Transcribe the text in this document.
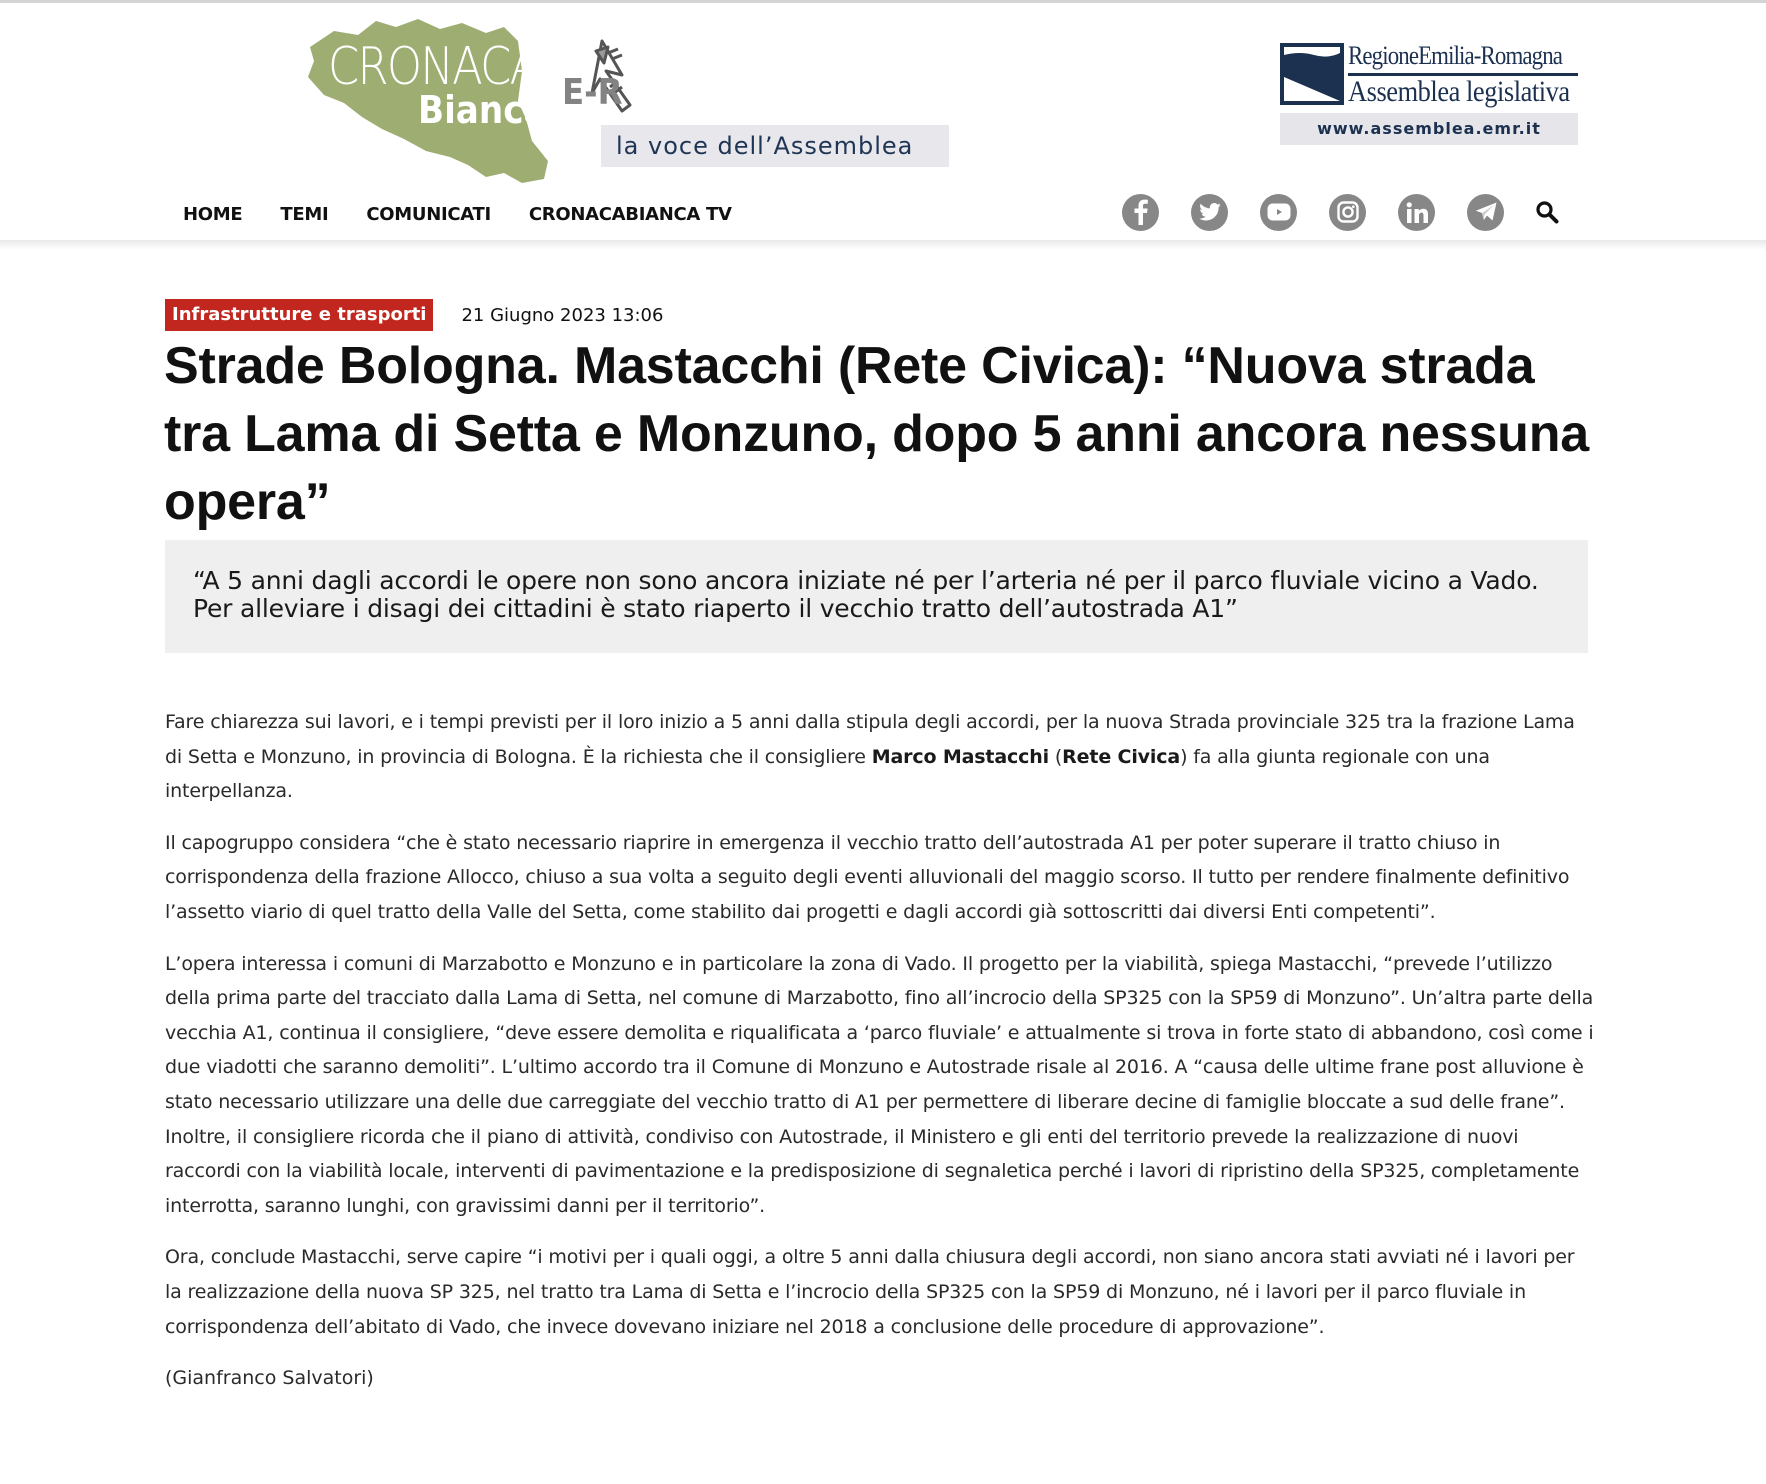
CRONACA
Bianca E-R
la voce dell’Assemblea
RegioneEmilia-Romagna
Assemblea legislativa
www.assemblea.emr.it
HOME TEMI COMUNICATI CRONACABIANCA TV
Infrastrutture e trasporti	21 Giugno 2023 13:06
Strade Bologna. Mastacchi (Rete Civica): “Nuova strada tra Lama di Setta e Monzuno, dopo 5 anni ancora nessuna opera”

“A 5 anni dagli accordi le opere non sono ancora iniziate né per l’arteria né per il parco fluviale vicino a Vado. Per alleviare i disagi dei cittadini è stato riaperto il vecchio tratto dell’autostrada A1”

Fare chiarezza sui lavori, e i tempi previsti per il loro inizio a 5 anni dalla stipula degli accordi, per la nuova Strada provinciale 325 tra la frazione Lama di Setta e Monzuno, in provincia di Bologna. È la richiesta che il consigliere Marco Mastacchi (Rete Civica) fa alla giunta regionale con una interpellanza.

Il capogruppo considera “che è stato necessario riaprire in emergenza il vecchio tratto dell’autostrada A1 per poter superare il tratto chiuso in corrispondenza della frazione Allocco, chiuso a sua volta a seguito degli eventi alluvionali del maggio scorso. Il tutto per rendere finalmente definitivo l’assetto viario di quel tratto della Valle del Setta, come stabilito dai progetti e dagli accordi già sottoscritti dai diversi Enti competenti”.

L’opera interessa i comuni di Marzabotto e Monzuno e in particolare la zona di Vado. Il progetto per la viabilità, spiega Mastacchi, “prevede l’utilizzo della prima parte del tracciato dalla Lama di Setta, nel comune di Marzabotto, fino all’incrocio della SP325 con la SP59 di Monzuno”. Un’altra parte della vecchia A1, continua il consigliere, “deve essere demolita e riqualificata a ‘parco fluviale’ e attualmente si trova in forte stato di abbandono, così come i due viadotti che saranno demoliti”. L’ultimo accordo tra il Comune di Monzuno e Autostrade risale al 2016. A “causa delle ultime frane post alluvione è stato necessario utilizzare una delle due carreggiate del vecchio tratto di A1 per permettere di liberare decine di famiglie bloccate a sud delle frane”. Inoltre, il consigliere ricorda che il piano di attività, condiviso con Autostrade, il Ministero e gli enti del territorio prevede la realizzazione di nuovi raccordi con la viabilità locale, interventi di pavimentazione e la predisposizione di segnaletica perché i lavori di ripristino della SP325, completamente interrotta, saranno lunghi, con gravissimi danni per il territorio”.

Ora, conclude Mastacchi, serve capire “i motivi per i quali oggi, a oltre 5 anni dalla chiusura degli accordi, non siano ancora stati avviati né i lavori per la realizzazione della nuova SP 325, nel tratto tra Lama di Setta e l’incrocio della SP325 con la SP59 di Monzuno, né i lavori per il parco fluviale in corrispondenza dell’abitato di Vado, che invece dovevano iniziare nel 2018 a conclusione delle procedure di approvazione”.

(Gianfranco Salvatori)
